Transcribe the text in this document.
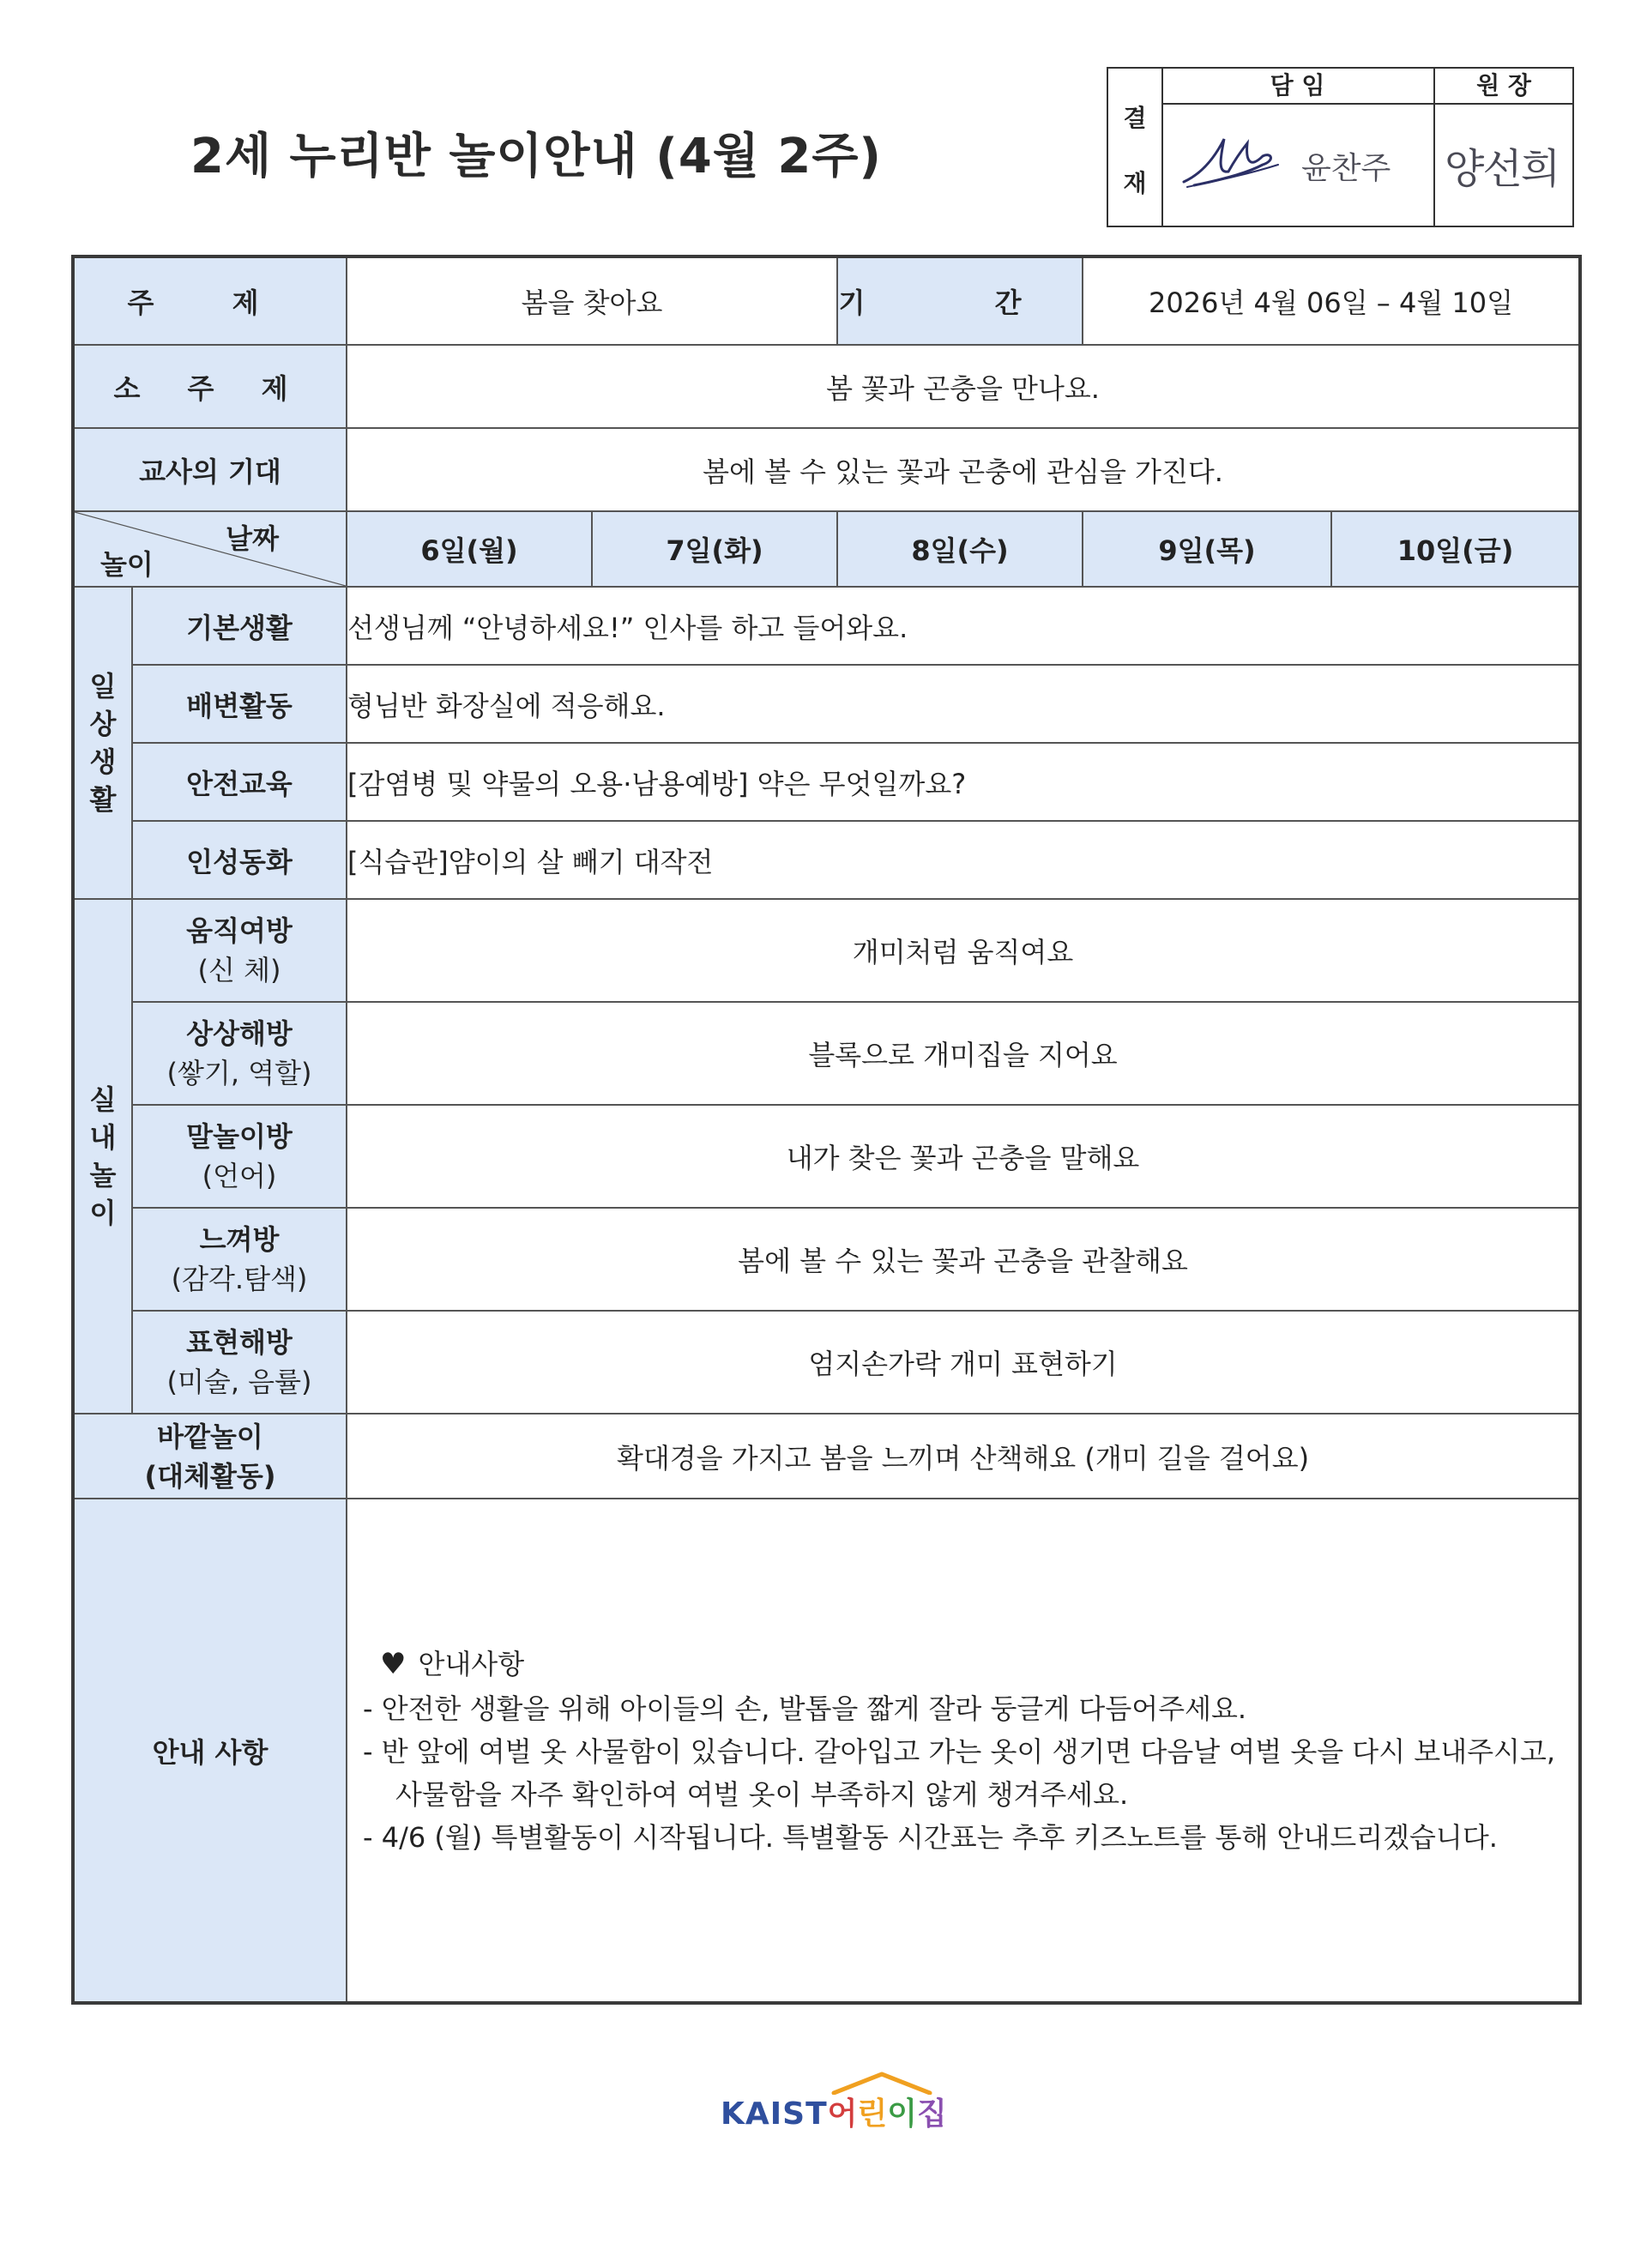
2세 누리반 놀이안내 (4월 2주)
결
재
담 임	원 장
윤찬주 양선희
주 제		봄을 찾아요		기 간	2026년 4월 06일 – 4월 10일	
소 주 제		봄 꽃과 곤충을 만나요.				
교사의 기대		봄에 볼 수 있는 꽃과 곤충에 관심을 가진다.				

날짜
놀이		6일(월)	7일(화)	8일(수)	9일(목)	10일(금)
일
상
생
활	기본생활	선생님께 “안녕하세요!” 인사를 하고 들어와요.				
	배변활동	형님반 화장실에 적응해요.				
	안전교육	[감염병 및 약물의 오용·남용예방] 약은 무엇일까요?				
	인성동화	[식습관]얌이의 살 빼기 대작전				
실
내
놀
이	움직여방
(신 체)	개미처럼 움직여요				
	상상해방
(쌓기, 역할)	블록으로 개미집을 지어요				
	말놀이방
(언어)	내가 찾은 꽃과 곤충을 말해요				
	느껴방
(감각.탐색)	봄에 볼 수 있는 꽃과 곤충을 관찰해요				
	표현해방
(미술, 음률)	엄지손가락 개미 표현하기				
바깥놀이
(대체활동)		확대경을 가지고 봄을 느끼며 산책해요 (개미 길을 걸어요)				
안내 사항		♥ 안내사항
- 안전한 생활을 위해 아이들의 손, 발톱을 짧게 잘라 둥글게 다듬어주세요.
- 반 앞에 여벌 옷 사물함이 있습니다. 갈아입고 가는 옷이 생기면 다음날 여벌 옷을 다시 보내주시고, 사물함을 자주 확인하여 여벌 옷이 부족하지 않게 챙겨주세요.
- 4/6 (월) 특별활동이 시작됩니다. 특별활동 시간표는 추후 키즈노트를 통해 안내드리겠습니다.				
KAIST어린이집
